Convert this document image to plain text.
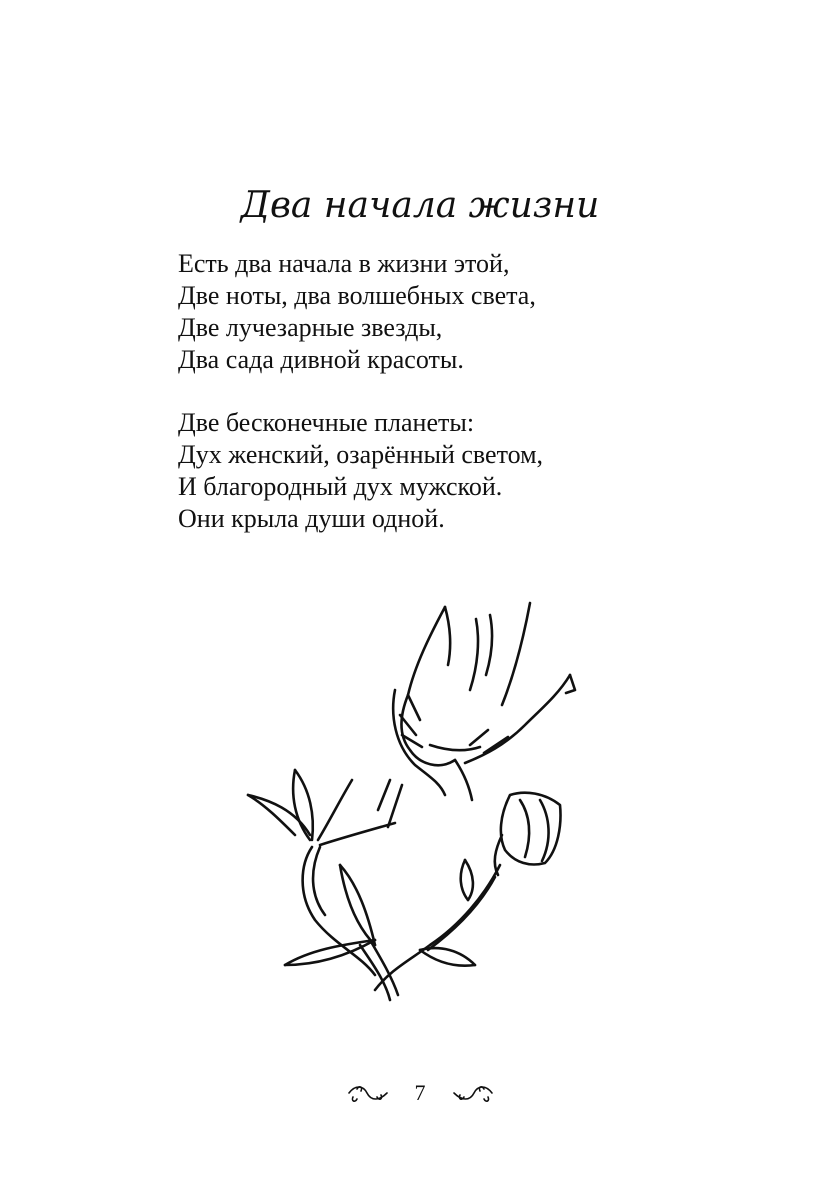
Два начала жизни
Есть два начала в жизни этой,
Две ноты, два волшебных света,
Две лучезарные звезды,
Два сада дивной красоты.
Две бесконечные планеты:
Дух женский, озарённый светом,
И благородный дух мужской.
Они крыла души одной.
7
